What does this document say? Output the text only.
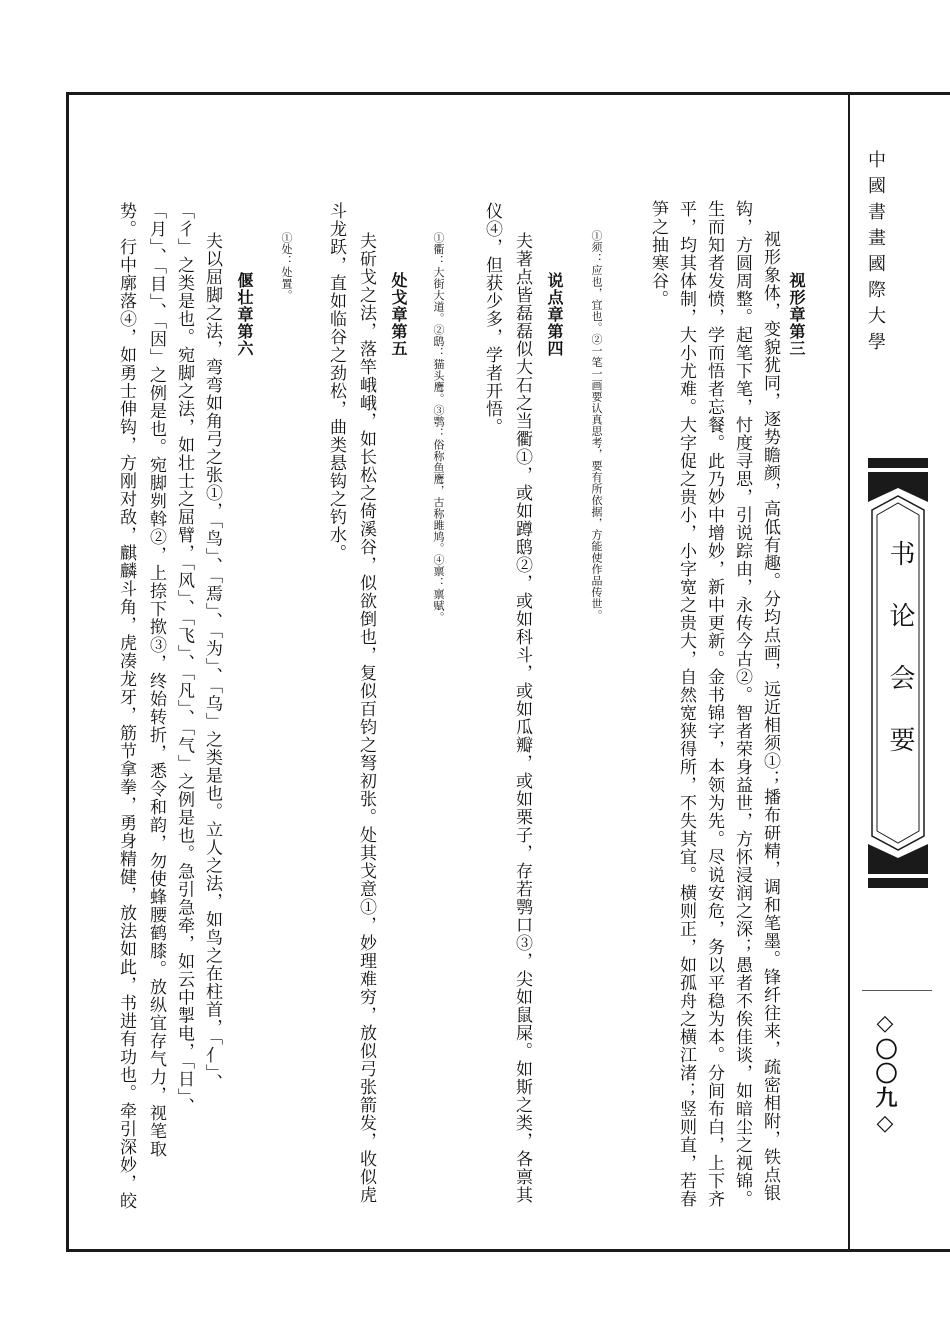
中國書畫國際大學
书论会要
◇〇〇九◇
视形章第三
视形象体，变貌犹同，逐势瞻颜，高低有趣。分均点画，远近相须①；播布研精，调和笔墨。锋纤往来，疏密相附，铁点银
钩，方圆周整。起笔下笔，忖度寻思，引说踪由，永传今古②。智者荣身益世，方怀浸润之深；愚者不俟佳谈，如暗尘之视锦。
生而知者发愤，学而悟者忘餐。此乃妙中增妙，新中更新。金书锦字，本领为先。尽说安危，务以平稳为本。分间布白，上下齐
平，均其体制，大小尤难。大字促之贵小，小字宽之贵大，自然宽狭得所，不失其宜。横则正，如孤舟之横江渚；竖则直，若春
笋之抽寒谷。
①须：应也，宜也。②一笔一画要认真思考，要有所依据，方能使作品传世。
说点章第四
夫著点皆磊磊似大石之当衢①，或如蹲鸱②，或如科斗，或如瓜瓣，或如栗子，存若鹗口③，尖如鼠屎。如斯之类，各禀其
仪④，但获少多，学者开悟。
①衢：大街大道。②鸱：猫头鹰。③鹗：俗称鱼鹰，古称雎鸠。④禀：禀赋。
处戈章第五
夫斫戈之法，落竿峨峨，如长松之倚溪谷，似欲倒也，复似百钧之弩初张。处其戈意①，妙理难穷，放似弓张箭发，收似虎
斗龙跃，直如临谷之劲松，曲类悬钩之钓水。
①处：处置。
偃壮章第六
夫以屈脚之法，弯弯如角弓之张①，「鸟」、「焉」、「为」、「乌」之类是也。立人之法，如鸟之在柱首，「亻」、
「彳」之类是也。宛脚之法，如壮士之屈臂，「风」、「飞」、「凡」、「气」之例是也。急引急牵，如云中掣电，「日」、
「月」、「目」、「因」之例是也。宛脚刿斡②，上捺下揿③，终始转折，悉令和韵，勿使蜂腰鹤膝。放纵宜存气力，视笔取
势。行中廓落④，如勇士伸钩，方刚对敌，麒麟斗角，虎凑龙牙，筋节拿拳，勇身精健，放法如此，书进有功也。牵引深妙，皎
